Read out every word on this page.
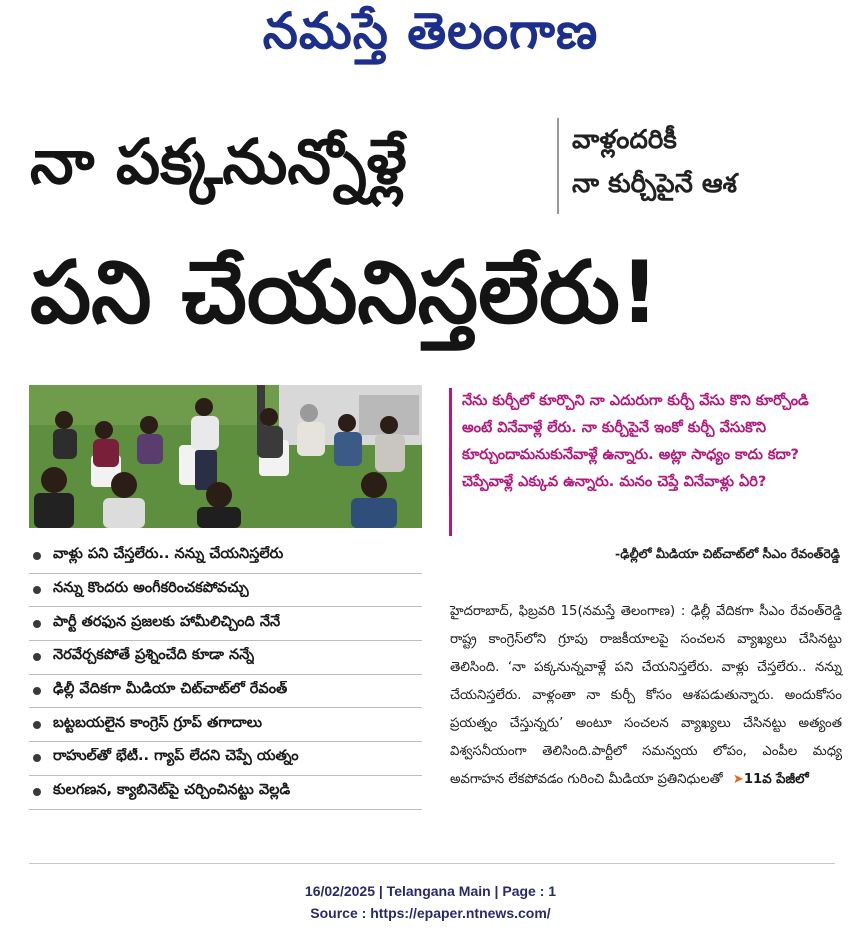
నమస్తే తెలంగాణ
నా పక్కనున్నోళ్లే	వాళ్లందరికీ
నా కుర్చీపైనే ఆశ
పని చేయనిస్తలేరు!

నేను కుర్చీలో కూర్చొని నా ఎదురుగా కుర్చీ వేసు కొని కూర్చోండి అంటే వినేవాళ్లే లేరు. నా కుర్చీపైనే ఇంకో కుర్చీ వేసుకొని కూర్చుందామనుకునేవాళ్లే ఉన్నారు. అట్లా సాధ్యం కాదు కదా? చెప్పేవాళ్లే ఎక్కువ ఉన్నారు. మనం చెప్తే వినేవాళ్లు ఏరి?

-ఢిల్లీలో మీడియా చిట్‌చాట్‌లో సీఎం రేవంత్‌రెడ్డి
వాళ్లు పని చేస్తలేరు.. నన్ను చేయనిస్తలేరు
నన్ను కొందరు అంగీకరించకపోవచ్చు
పార్టీ తరఫున ప్రజలకు హామీలిచ్చింది నేనే
నెరవేర్చకపోతే ప్రశ్నించేది కూడా నన్నే
ఢిల్లీ వేదికగా మీడియా చిట్‌చాట్‌లో రేవంత్
బట్టబయలైన కాంగ్రెస్ గ్రూప్ తగాదాలు
రాహుల్‌తో భేటీ.. గ్యాప్ లేదని చెప్పే యత్నం
కులగణన, క్యాబినెట్‌పై చర్చించినట్టు వెల్లడి

హైదరాబాద్, ఫిబ్రవరి 15(నమస్తే తెలంగాణ) : ఢిల్లీ వేదికగా సీఎం రేవంత్‌రెడ్డి రాష్ట్ర కాంగ్రెస్‌లోని గ్రూపు రాజకీయాలపై సంచలన వ్యాఖ్యలు చేసినట్టు తెలిసింది. ‘నా పక్కనున్నవాళ్లే పని చేయనిస్తలేరు. వాళ్లు చేస్తలేరు.. నన్ను చేయనిస్తలేరు. వాళ్లంతా నా కుర్చీ కోసం ఆశపడుతున్నారు. అందుకోసం ప్రయత్నం చేస్తున్నరు’ అంటూ సంచలన వ్యాఖ్యలు చేసినట్టు అత్యంత విశ్వసనీయంగా తెలిసింది.పార్టీలో సమన్వయ లోపం, ఎంపీల మధ్య అవగాహన లేకపోవడం గురించి మీడియా ప్రతినిధులతో ➤11వ పేజీలో

16/02/2025 | Telangana Main | Page : 1
Source : https://epaper.ntnews.com/
